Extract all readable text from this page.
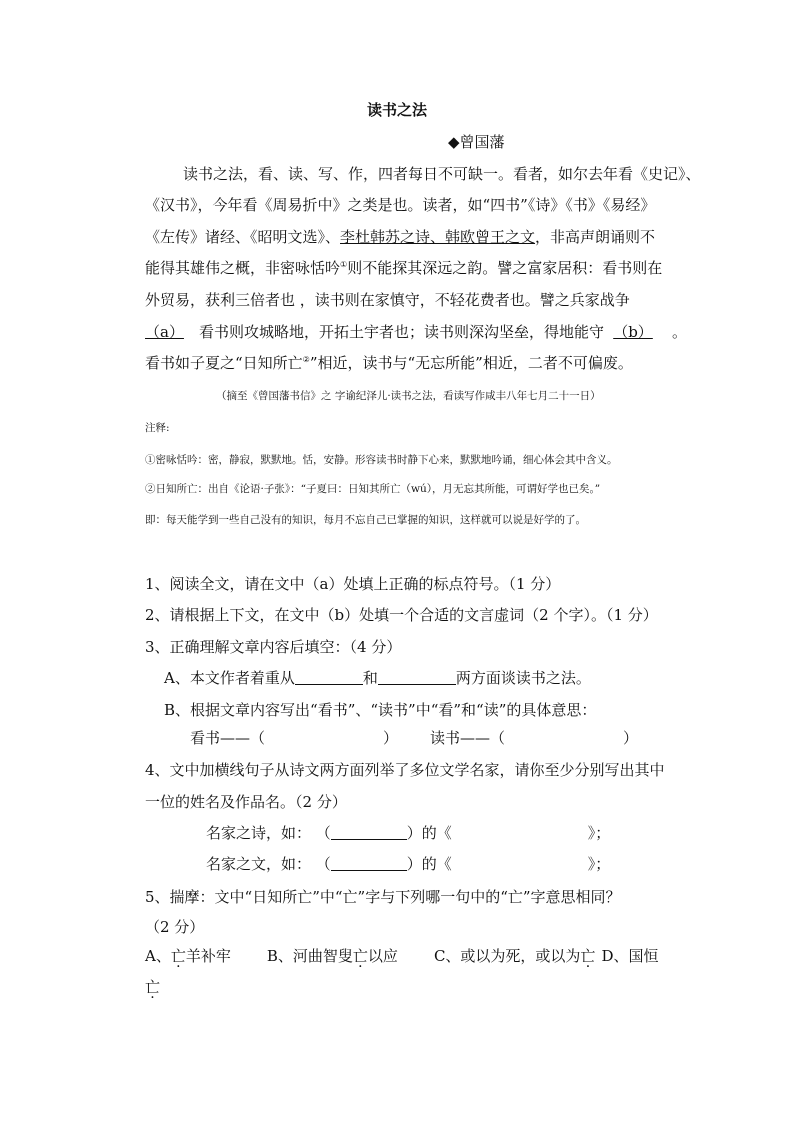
读书之法
◆曾国藩
读书之法，看、读、写、作，四者每日不可缺一。看者，如尔去年看《史记》、
《汉书》，今年看《周易折中》之类是也。读者，如“四书”《诗》《书》《易经》
《左传》诸经、《昭明文选》、李杜韩苏之诗、韩欧曾王之文，非高声朗诵则不
能得其雄伟之概，非密咏恬吟①则不能探其深远之韵。譬之富家居积：看书则在
外贸易，获利三倍者也 ，读书则在家慎守，不轻花费者也。譬之兵家战争
（a） 看书则攻城略地，开拓土宇者也；读书则深沟坚垒，得地能守 （b） 。
看书如子夏之“日知所亡②”相近，读书与“无忘所能”相近，二者不可偏废。
（摘至《曾国藩书信》之 字谕纪泽儿·读书之法，看读写作咸丰八年七月二十一日）
注释:
①密咏恬吟：密，静寂，默默地。恬，安静。形容读书时静下心来，默默地吟诵，细心体会其中含义。
②日知所亡：出自《论语·子张》：“子夏曰：日知其所亡（wú），月无忘其所能，可谓好学也已矣。”
即：每天能学到一些自己没有的知识，每月不忘自己已掌握的知识，这样就可以说是好学的了。
1、阅读全文，请在文中（a）处填上正确的标点符号。（1 分）
2、请根据上下文，在文中（b）处填一个合适的文言虚词（2 个字）。（1 分）
3、正确理解文章内容后填空：（4 分）
A、本文作者着重从	和	两方面谈读书之法。
B、根据文章内容写出“看书”、“读书”中“看”和“读”的具体意思：
看书——（	） 读书——（	）
4、文中加横线句子从诗文两方面列举了多位文学名家，请你至少分别写出其中
一位的姓名及作品名。（2 分）
名家之诗，如： （	）的《	》；
名家之文，如： （	）的《	》；
5、揣摩：文中“日知所亡”中“亡”字与下列哪一句中的“亡”字意思相同？
（2 分）
A、亡羊补牢 B、河曲智叟亡以应 C、或以为死，或以为亡 D、国恒
亡
